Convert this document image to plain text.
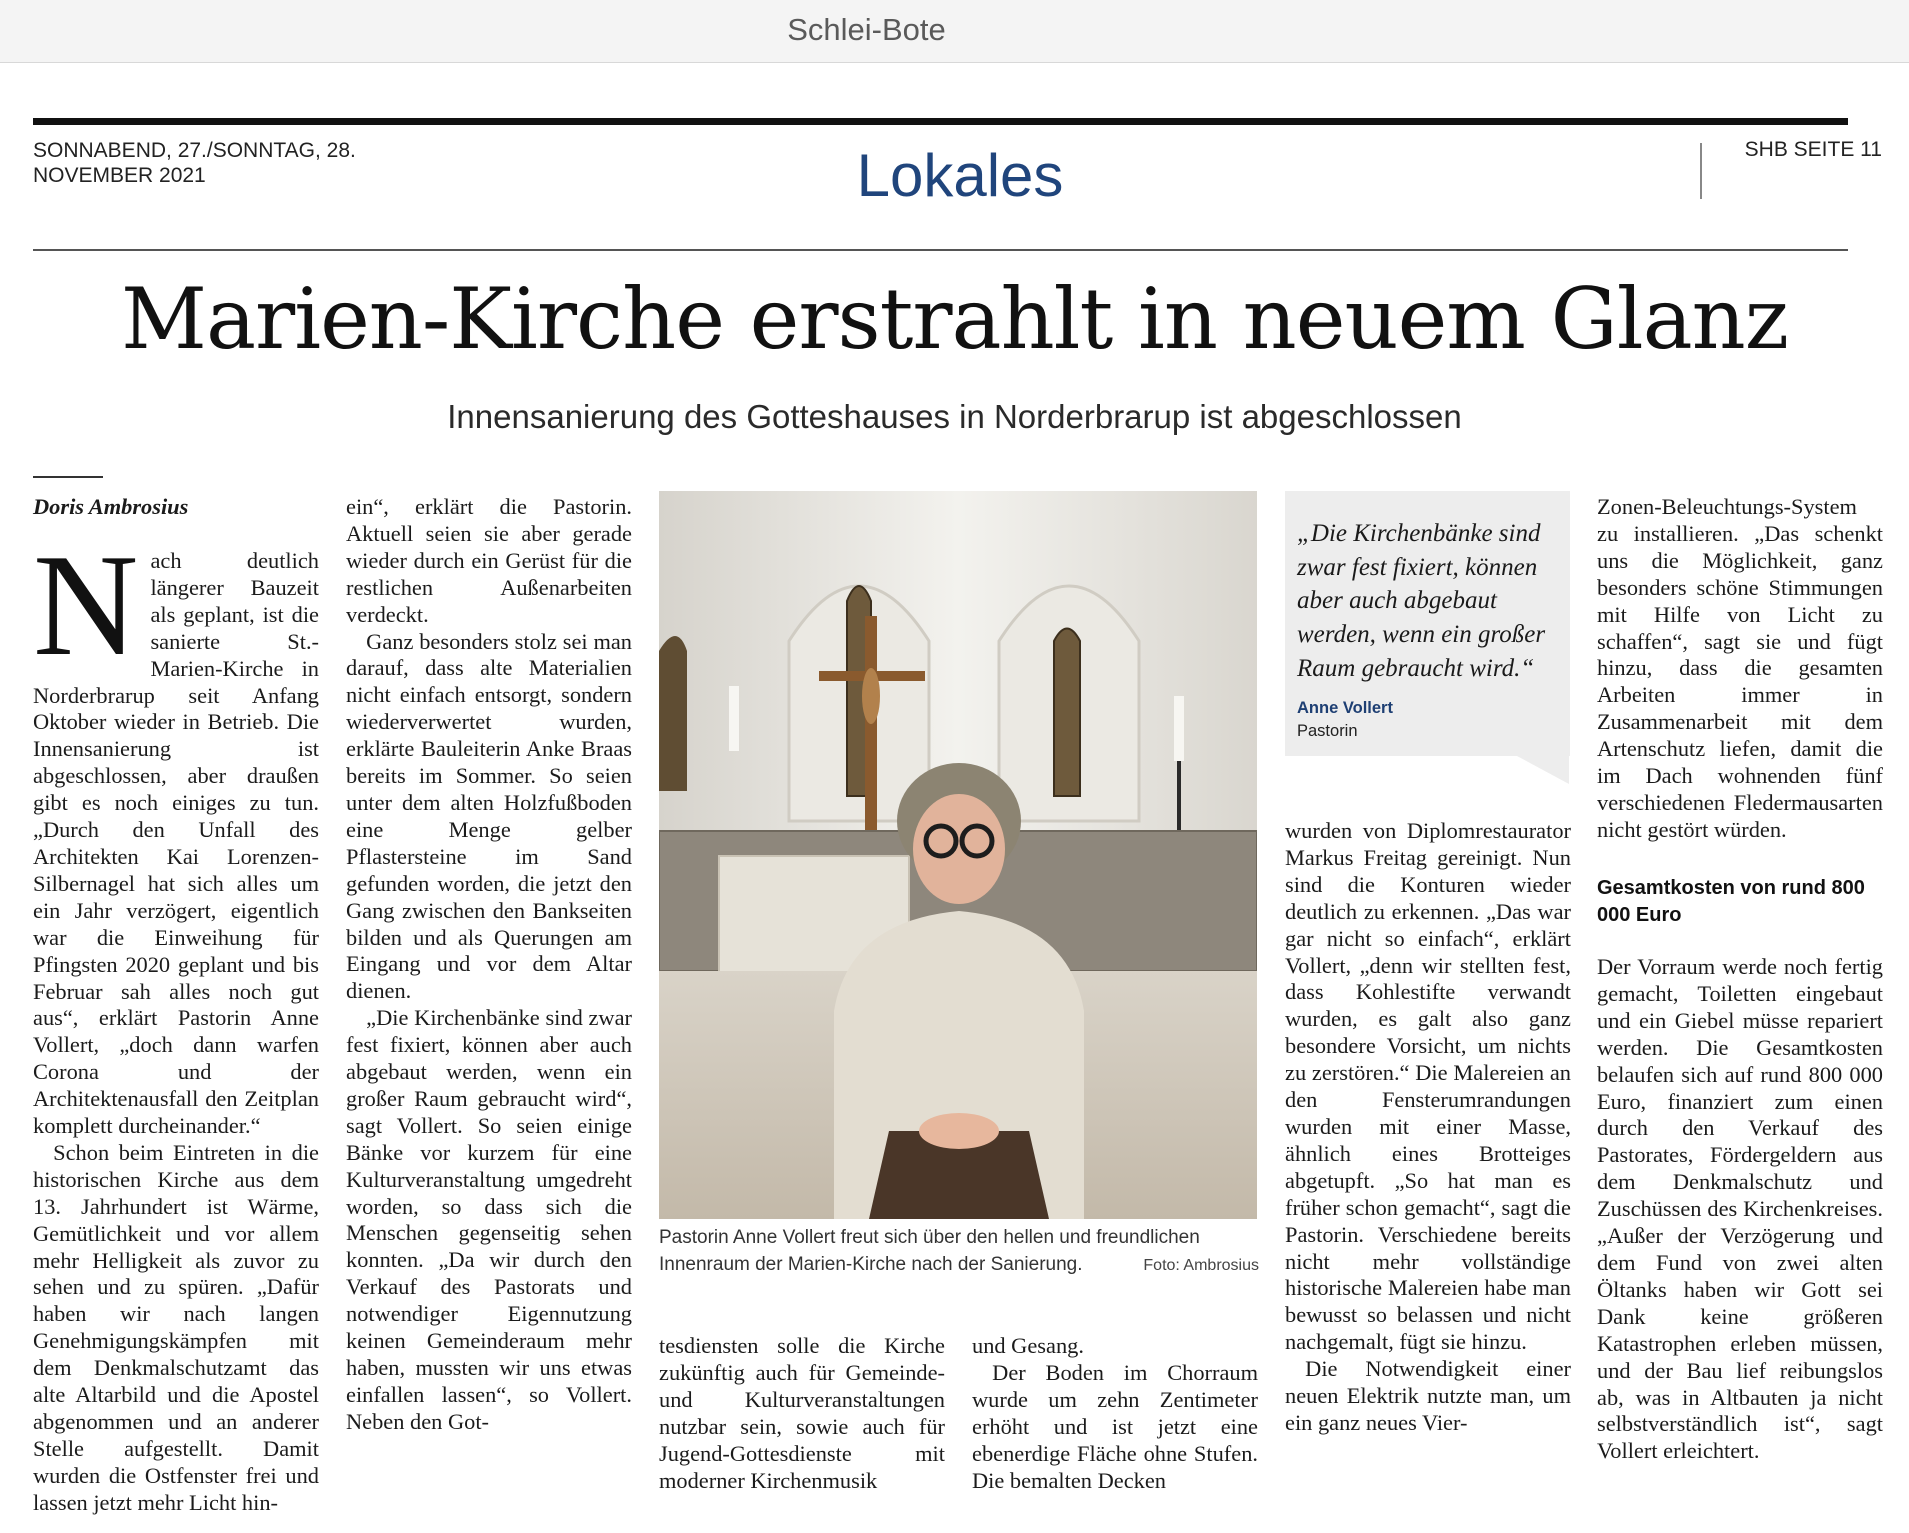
Schlei-Bote
SONNABEND, 27./SONNTAG, 28. NOVEMBER 2021	Lokales	SHB SEITE 11
Marien-Kirche erstrahlt in neuem Glanz
Innensanierung des Gotteshauses in Norderbrarup ist abgeschlossen
Doris Ambrosius

Nach deutlich längerer Bauzeit als geplant, ist die sanierte St.-Marien-Kirche in Norderbrarup seit Anfang Oktober wieder in Betrieb. Die Innensanierung ist abgeschlossen, aber draußen gibt es noch einiges zu tun. „Durch den Unfall des Architekten Kai Lorenzen-Silbernagel hat sich alles um ein Jahr verzögert, eigentlich war die Einweihung für Pfingsten 2020 geplant und bis Februar sah alles noch gut aus“, erklärt Pastorin Anne Vollert, „doch dann warfen Corona und der Architektenausfall den Zeitplan komplett durcheinander.“

Schon beim Eintreten in die historischen Kirche aus dem 13. Jahrhundert ist Wärme, Gemütlichkeit und vor allem mehr Helligkeit als zuvor zu sehen und zu spüren. „Dafür haben wir nach langen Genehmigungskämpfen mit dem Denkmalschutzamt das alte Altarbild und die Apostel abgenommen und an anderer Stelle aufgestellt. Damit wurden die Ostfenster frei und lassen jetzt mehr Licht hin-

ein“, erklärt die Pastorin. Aktuell seien sie aber gerade wieder durch ein Gerüst für die restlichen Außenarbeiten verdeckt.

Ganz besonders stolz sei man darauf, dass alte Materialien nicht einfach entsorgt, sondern wiederverwertet wurden, erklärte Bauleiterin Anke Braas bereits im Sommer. So seien unter dem alten Holzfußboden eine Menge gelber Pflastersteine im Sand gefunden worden, die jetzt den Gang zwischen den Bankseiten bilden und als Querungen am Eingang und vor dem Altar dienen.

„Die Kirchenbänke sind zwar fest fixiert, können aber auch abgebaut werden, wenn ein großer Raum gebraucht wird“, sagt Vollert. So seien einige Bänke vor kurzem für eine Kulturveranstaltung umgedreht worden, so dass sich die Menschen gegenseitig sehen konnten. „Da wir durch den Verkauf des Pastorats und notwendiger Eigennutzung keinen Gemeinderaum mehr haben, mussten wir uns etwas einfallen lassen“, so Vollert. Neben den Got-

Pastorin Anne Vollert freut sich über den hellen und freundlichen Innenraum der Marien-Kirche nach der Sanierung.	Foto: Ambrosius

tesdiensten solle die Kirche zukünftig auch für Gemeinde- und Kulturveranstaltungen nutzbar sein, sowie auch für Jugend-Gottesdienste mit moderner Kirchenmusik

und Gesang.

Der Boden im Chorraum wurde um zehn Zentimeter erhöht und ist jetzt eine ebenerdige Fläche ohne Stufen. Die bemalten Decken

„Die Kirchenbänke sind zwar fest fixiert, können aber auch abgebaut werden, wenn ein großer Raum gebraucht wird.“
Anne Vollert
Pastorin

wurden von Diplomrestaurator Markus Freitag gereinigt. Nun sind die Konturen wieder deutlich zu erkennen. „Das war gar nicht so einfach“, erklärt Vollert, „denn wir stellten fest, dass Kohlestifte verwandt wurden, es galt also ganz besondere Vorsicht, um nichts zu zerstören.“ Die Malereien an den Fensterumrandungen wurden mit einer Masse, ähnlich eines Brotteiges abgetupft. „So hat man es früher schon gemacht“, sagt die Pastorin. Verschiedene bereits nicht mehr vollständige historische Malereien habe man bewusst so belassen und nicht nachgemalt, fügt sie hinzu.

Die Notwendigkeit einer neuen Elektrik nutzte man, um ein ganz neues Vier-

Zonen-Beleuchtungs-System zu installieren. „Das schenkt uns die Möglichkeit, ganz besonders schöne Stimmungen mit Hilfe von Licht zu schaffen“, sagt sie und fügt hinzu, dass die gesamten Arbeiten immer in Zusammenarbeit mit dem Artenschutz liefen, damit die im Dach wohnenden fünf verschiedenen Fledermausarten nicht gestört würden.

Gesamtkosten von rund 800 000 Euro

Der Vorraum werde noch fertig gemacht, Toiletten eingebaut und ein Giebel müsse repariert werden. Die Gesamtkosten belaufen sich auf rund 800 000 Euro, finanziert zum einen durch den Verkauf des Pastorates, Fördergeldern aus dem Denkmalschutz und Zuschüssen des Kirchenkreises. „Außer der Verzögerung und dem Fund von zwei alten Öltanks haben wir Gott sei Dank keine größeren Katastrophen erleben müssen, und der Bau lief reibungslos ab, was in Altbauten ja nicht selbstverständlich ist“, sagt Vollert erleichtert.
